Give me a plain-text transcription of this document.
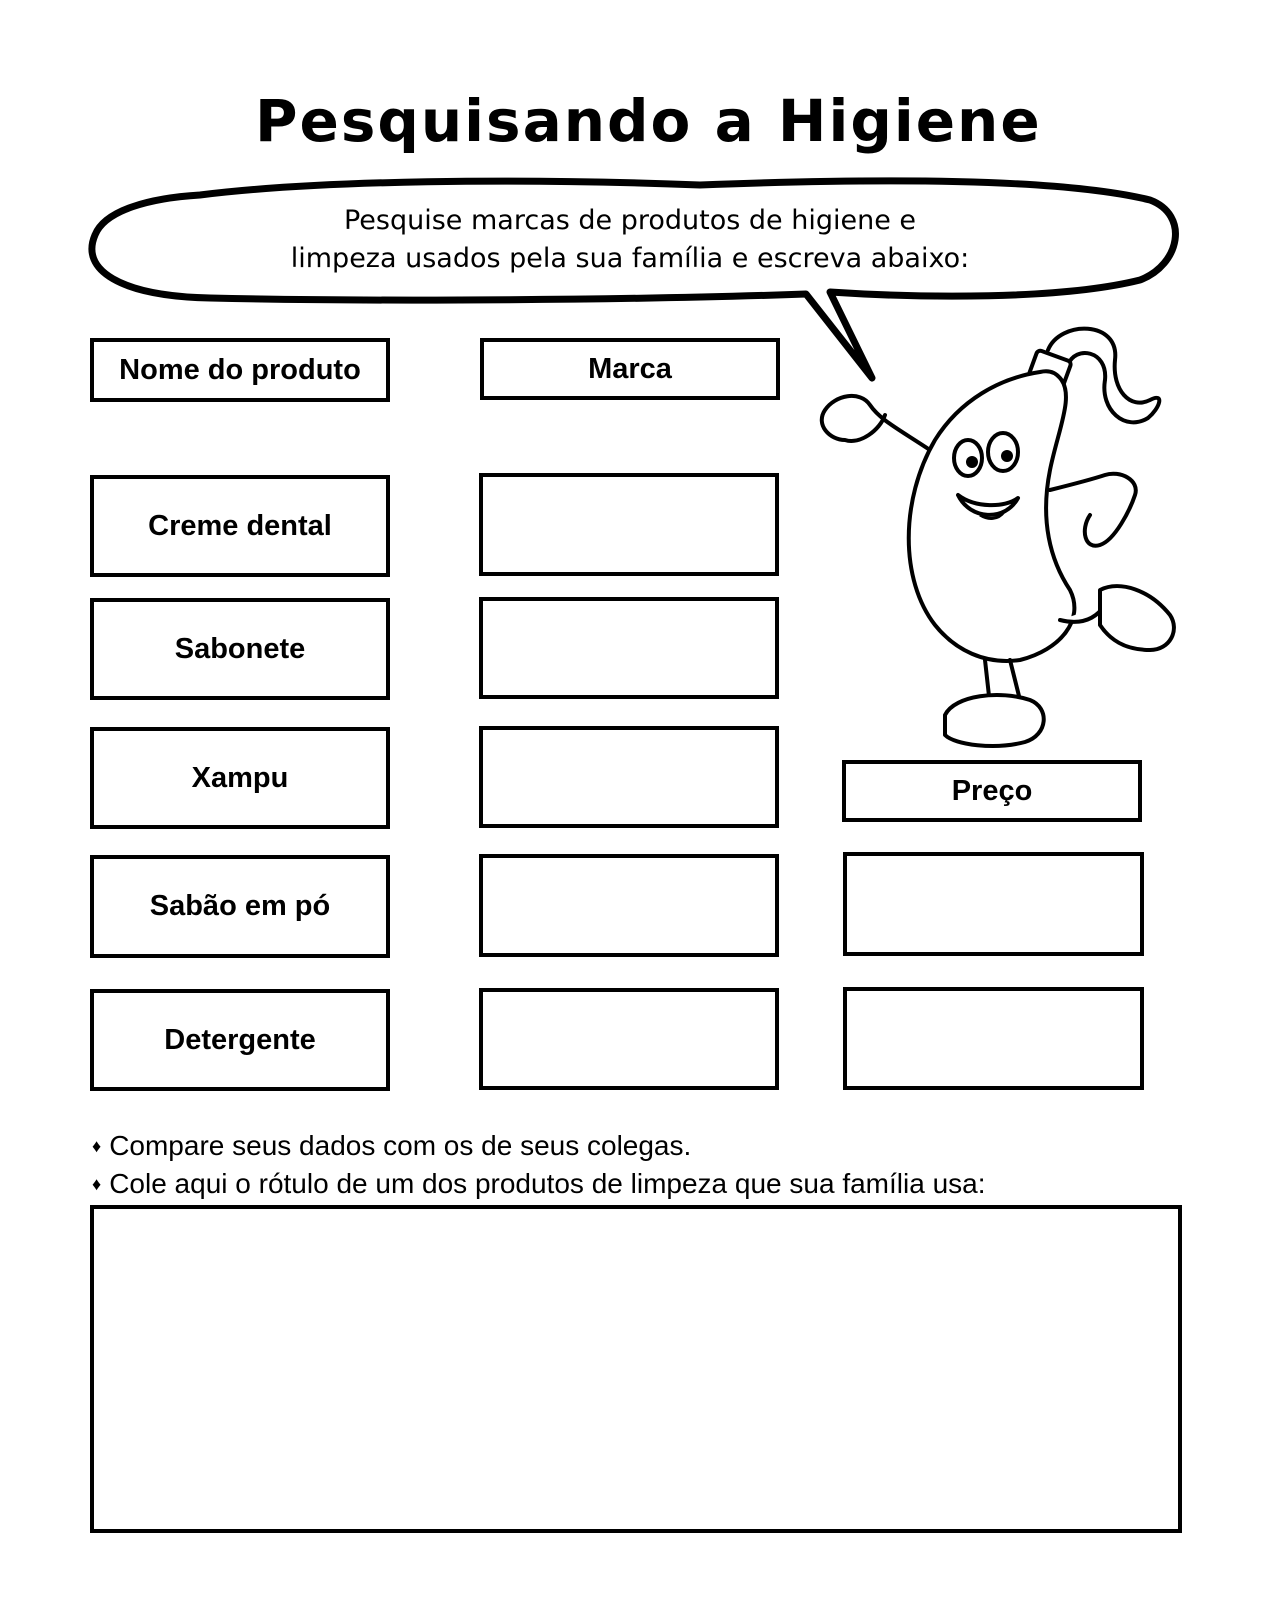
Pesquisando a Higiene
Pesquise marcas de produtos de higiene e
limpeza usados pela sua família e escreva abaixo:
Nome do produto	Marca
Preço
Creme dental
Sabonete
Xampu
Sabão em pó
Detergente
♦ Compare seus dados com os de seus colegas.
♦ Cole aqui o rótulo de um dos produtos de limpeza que sua família usa:
